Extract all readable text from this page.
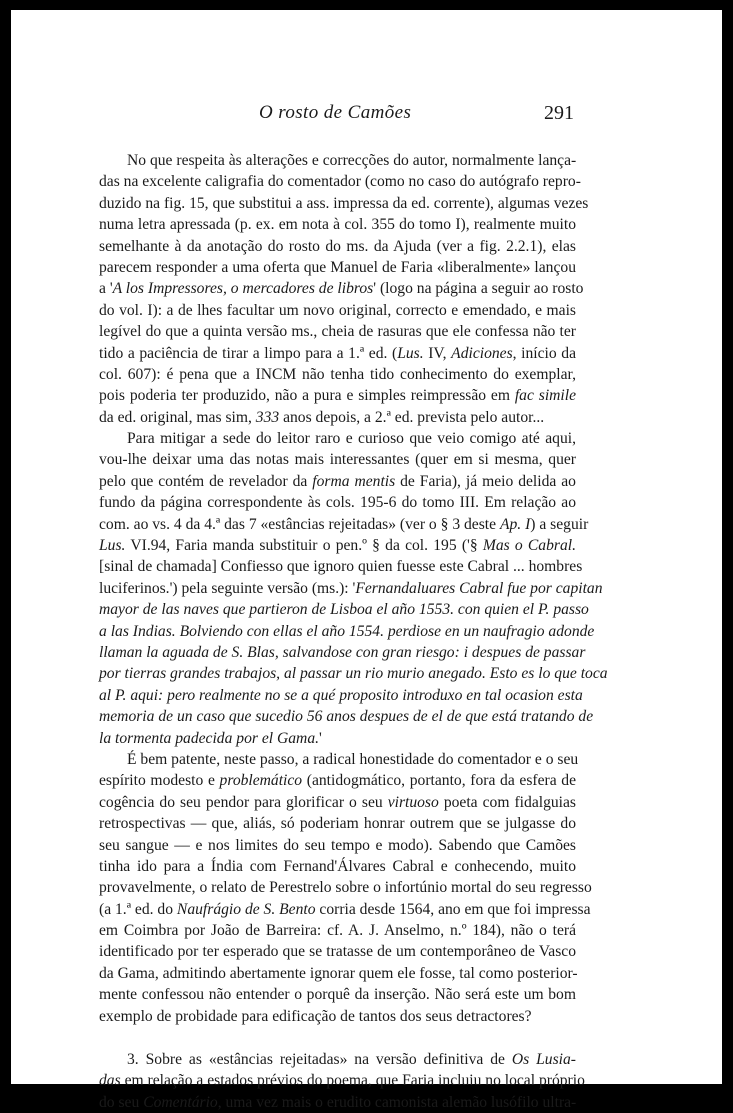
O rosto de Camões	291
No que respeita às alterações e correcções do autor, normalmente lança-
das na excelente caligrafia do comentador (como no caso do autógrafo repro-
duzido na fig. 15, que substitui a ass. impressa da ed. corrente), algumas vezes
numa letra apressada (p. ex. em nota à col. 355 do tomo I), realmente muito
semelhante à da anotação do rosto do ms. da Ajuda (ver a fig. 2.2.1), elas
parecem responder a uma oferta que Manuel de Faria «liberalmente» lançou
a 'A los Impressores, o mercadores de libros' (logo na página a seguir ao rosto
do vol. I): a de lhes facultar um novo original, correcto e emendado, e mais
legível do que a quinta versão ms., cheia de rasuras que ele confessa não ter
tido a paciência de tirar a limpo para a 1.ª ed. (Lus. IV, Adiciones, início da
col. 607): é pena que a INCM não tenha tido conhecimento do exemplar,
pois poderia ter produzido, não a pura e simples reimpressão em fac simile
da ed. original, mas sim, 333 anos depois, a 2.ª ed. prevista pelo autor...
Para mitigar a sede do leitor raro e curioso que veio comigo até aqui,
vou-lhe deixar uma das notas mais interessantes (quer em si mesma, quer
pelo que contém de revelador da forma mentis de Faria), já meio delida ao
fundo da página correspondente às cols. 195-6 do tomo III. Em relação ao
com. ao vs. 4 da 4.ª das 7 «estâncias rejeitadas» (ver o § 3 deste Ap. I) a seguir
Lus. VI.94, Faria manda substituir o pen.º § da col. 195 ('§ Mas o Cabral.
[sinal de chamada] Confiesso que ignoro quien fuesse este Cabral ... hombres
luciferinos.') pela seguinte versão (ms.): 'Fernandaluares Cabral fue por capitan
mayor de las naves que partieron de Lisboa el año 1553. con quien el P. passo
a las Indias. Bolviendo con ellas el año 1554. perdiose en un naufragio adonde
llaman la aguada de S. Blas, salvandose con gran riesgo: i despues de passar
por tierras grandes trabajos, al passar un rio murio anegado. Esto es lo que toca
al P. aqui: pero realmente no se a qué proposito introduxo en tal ocasion esta
memoria de un caso que sucedio 56 anos despues de el de que está tratando de
la tormenta padecida por el Gama.'
É bem patente, neste passo, a radical honestidade do comentador e o seu
espírito modesto e problemático (antidogmático, portanto, fora da esfera de
cogência do seu pendor para glorificar o seu virtuoso poeta com fidalguias
retrospectivas — que, aliás, só poderiam honrar outrem que se julgasse do
seu sangue — e nos limites do seu tempo e modo). Sabendo que Camões
tinha ido para a Índia com Fernand'Álvares Cabral e conhecendo, muito
provavelmente, o relato de Perestrelo sobre o infortúnio mortal do seu regresso
(a 1.ª ed. do Naufrágio de S. Bento corria desde 1564, ano em que foi impressa
em Coimbra por João de Barreira: cf. A. J. Anselmo, n.º 184), não o terá
identificado por ter esperado que se tratasse de um contemporâneo de Vasco
da Gama, admitindo abertamente ignorar quem ele fosse, tal como posterior-
mente confessou não entender o porquê da inserção. Não será este um bom
exemplo de probidade para edificação de tantos dos seus detractores?
3. Sobre as «estâncias rejeitadas» na versão definitiva de Os Lusia-
das em relação a estados prévios do poema, que Faria incluiu no local próprio
do seu Comentário, uma vez mais o erudito camonista alemão lusófilo ultra-
